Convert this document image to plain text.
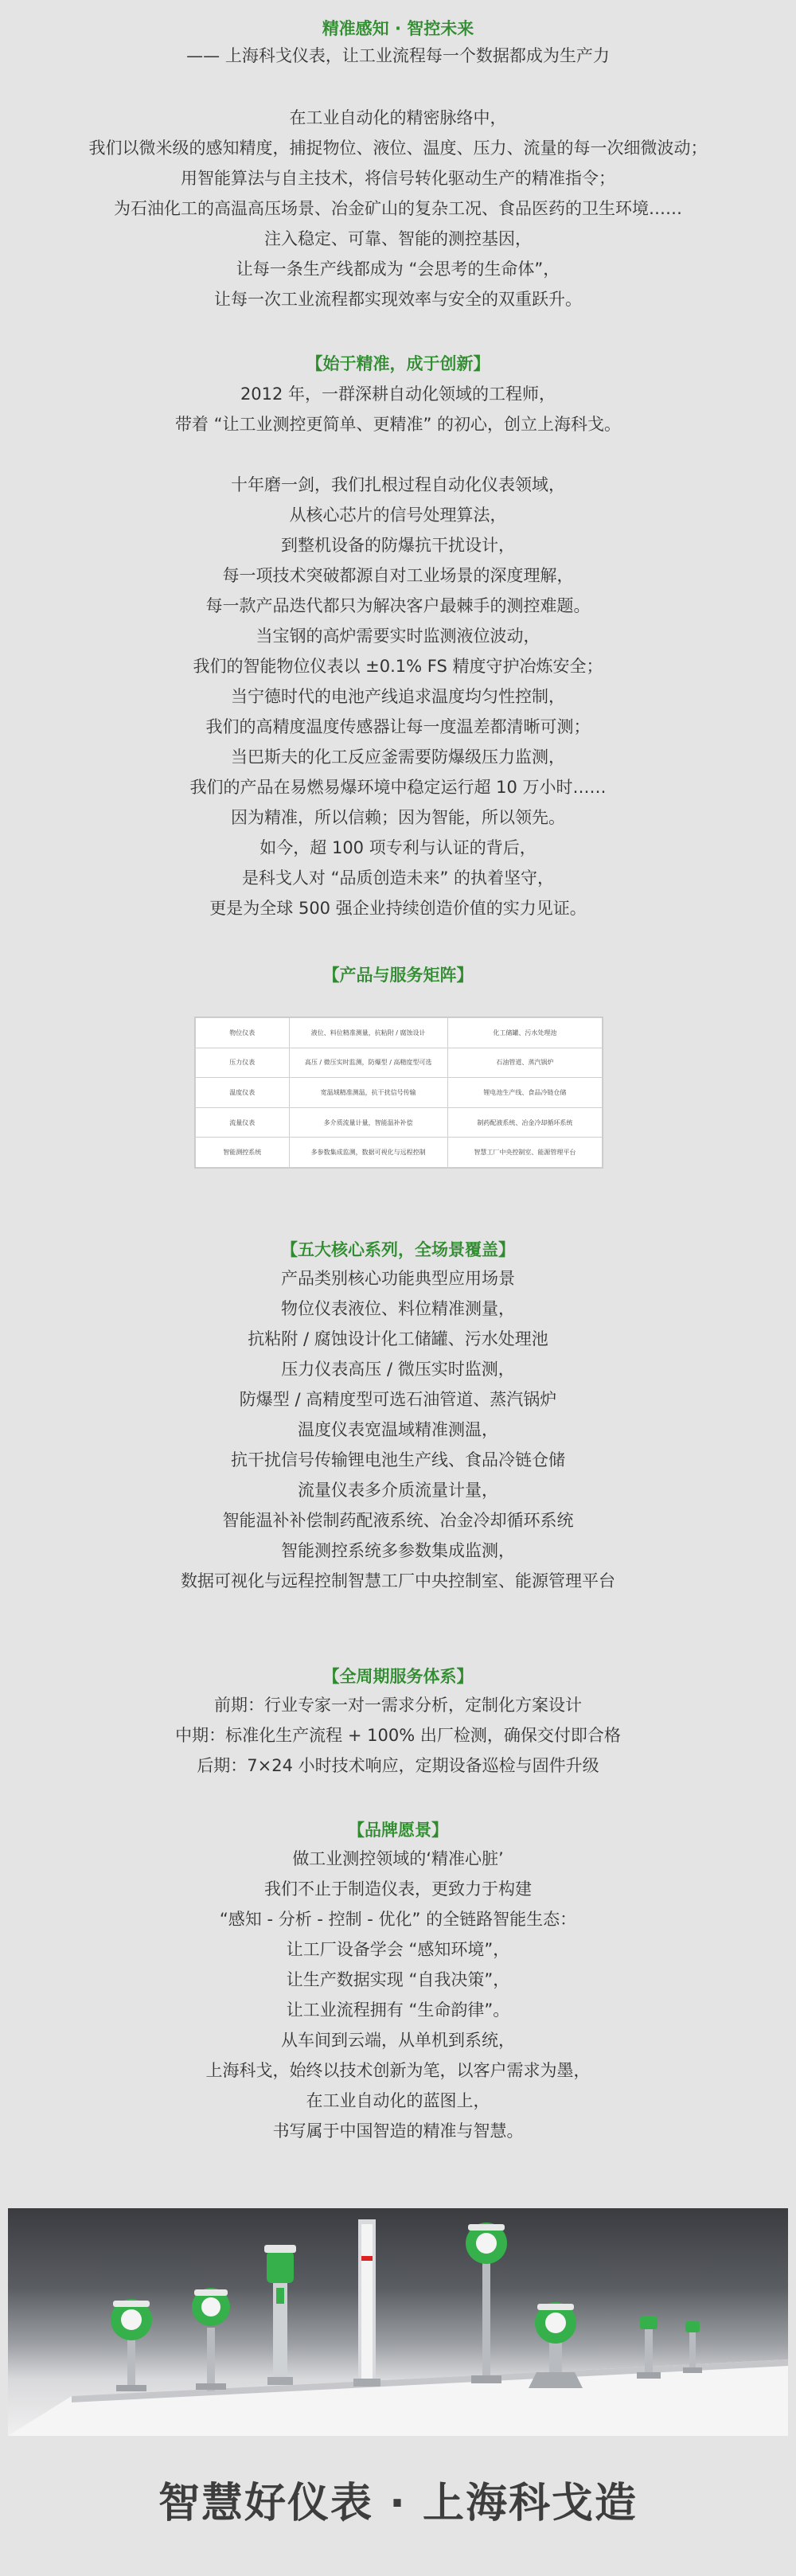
精准感知 · 智控未来
—— 上海科戈仪表，让工业流程每一个数据都成为生产力
在工业自动化的精密脉络中，
我们以微米级的感知精度，捕捉物位、液位、温度、压力、流量的每一次细微波动；
用智能算法与自主技术，将信号转化驱动生产的精准指令；
为石油化工的高温高压场景、冶金矿山的复杂工况、食品医药的卫生环境……
注入稳定、可靠、智能的测控基因，
让每一条生产线都成为 “会思考的生命体”，
让每一次工业流程都实现效率与安全的双重跃升。
【始于精准，成于创新】
2012 年，一群深耕自动化领域的工程师，
带着 “让工业测控更简单、更精准” 的初心，创立上海科戈。
十年磨一剑，我们扎根过程自动化仪表领域，
从核心芯片的信号处理算法，
到整机设备的防爆抗干扰设计，
每一项技术突破都源自对工业场景的深度理解，
每一款产品迭代都只为解决客户最棘手的测控难题。
当宝钢的高炉需要实时监测液位波动，
我们的智能物位仪表以 ±0.1% FS 精度守护冶炼安全；
当宁德时代的电池产线追求温度均匀性控制，
我们的高精度温度传感器让每一度温差都清晰可测；
当巴斯夫的化工反应釜需要防爆级压力监测，
我们的产品在易燃易爆环境中稳定运行超 10 万小时……
因为精准，所以信赖；因为智能，所以领先。
如今，超 100 项专利与认证的背后，
是科戈人对 “品质创造未来” 的执着坚守，
更是为全球 500 强企业持续创造价值的实力见证。
【产品与服务矩阵】
物位仪表	液位、料位精准测量，抗粘附 / 腐蚀设计	化工储罐、污水处理池
压力仪表	高压 / 微压实时监测，防爆型 / 高精度型可选	石油管道、蒸汽锅炉
温度仪表	宽温域精准测温，抗干扰信号传输	锂电池生产线、食品冷链仓储
流量仪表	多介质流量计量，智能温补补偿	制药配液系统、冶金冷却循环系统
智能测控系统	多参数集成监测，数据可视化与远程控制	智慧工厂中央控制室、能源管理平台
【五大核心系列，全场景覆盖】
产品类别核心功能典型应用场景
物位仪表液位、料位精准测量，
抗粘附 / 腐蚀设计化工储罐、污水处理池
压力仪表高压 / 微压实时监测，
防爆型 / 高精度型可选石油管道、蒸汽锅炉
温度仪表宽温域精准测温，
抗干扰信号传输锂电池生产线、食品冷链仓储
流量仪表多介质流量计量，
智能温补补偿制药配液系统、冶金冷却循环系统
智能测控系统多参数集成监测，
数据可视化与远程控制智慧工厂中央控制室、能源管理平台
【全周期服务体系】
前期：行业专家一对一需求分析，定制化方案设计
中期：标准化生产流程 + 100% 出厂检测，确保交付即合格
后期：7×24 小时技术响应，定期设备巡检与固件升级
【品牌愿景】
做工业测控领域的‘精准心脏’
我们不止于制造仪表，更致力于构建
“感知 - 分析 - 控制 - 优化” 的全链路智能生态：
让工厂设备学会 “感知环境”，
让生产数据实现 “自我决策”，
让工业流程拥有 “生命韵律”。
从车间到云端，从单机到系统，
上海科戈，始终以技术创新为笔，以客户需求为墨，
在工业自动化的蓝图上，
书写属于中国智造的精准与智慧。
智慧好仪表 · 上海科戈造
